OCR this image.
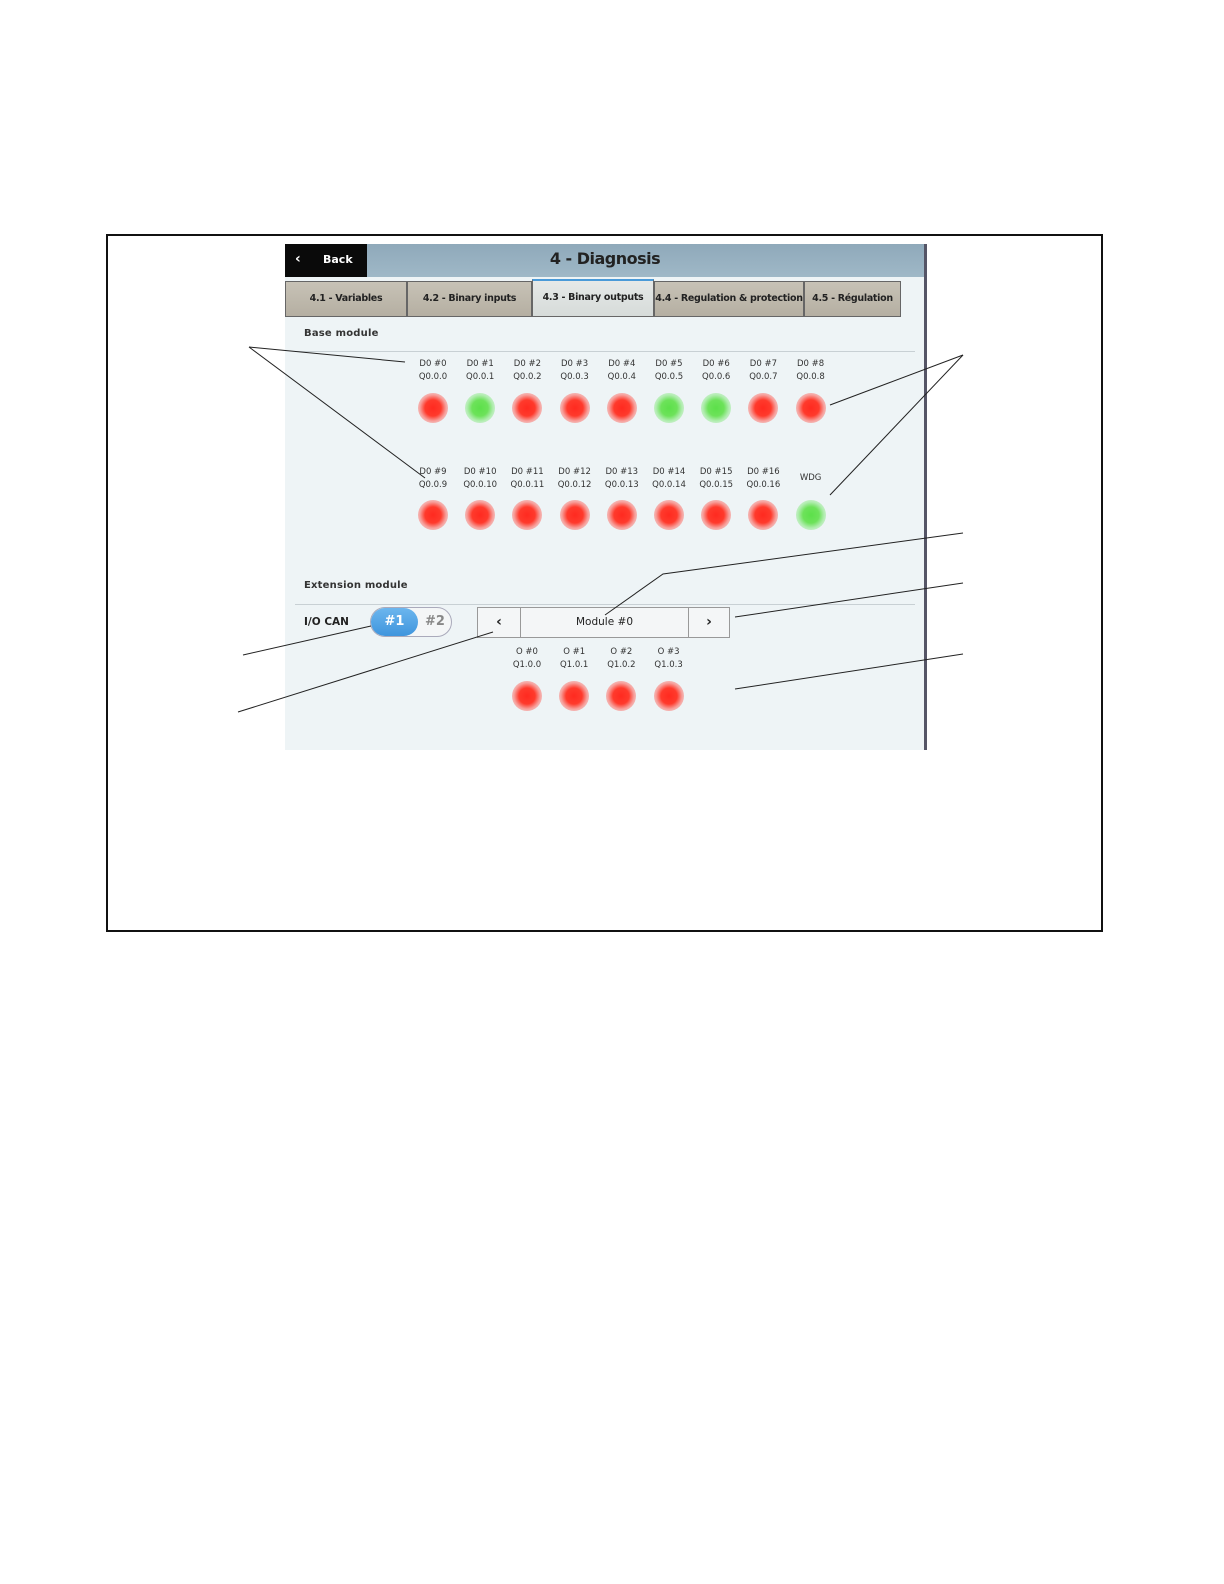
‹ Back	4 - Diagnosis
4.1 - Variables	4.2 - Binary inputs	4.3 - Binary outputs	4.4 - Regulation & protection 4.5 - Régulation
Base module
D0 #0
Q0.0.0
D0 #1
Q0.0.1
D0 #2
Q0.0.2
D0 #3
Q0.0.3
D0 #4
Q0.0.4
D0 #5
Q0.0.5
D0 #6
Q0.0.6
D0 #7
Q0.0.7
D0 #8
Q0.0.8
D0 #9
Q0.0.9
D0 #10
Q0.0.10
D0 #11
Q0.0.11
D0 #12
Q0.0.12
D0 #13
Q0.0.13
D0 #14
Q0.0.14
D0 #15
Q0.0.15
D0 #16
Q0.0.16
WDG
Extension module
I/O CAN	#1	#2	‹	Module #0	›
O #0
Q1.0.0
O #1
Q1.0.1
O #2
Q1.0.2
O #3
Q1.0.3
